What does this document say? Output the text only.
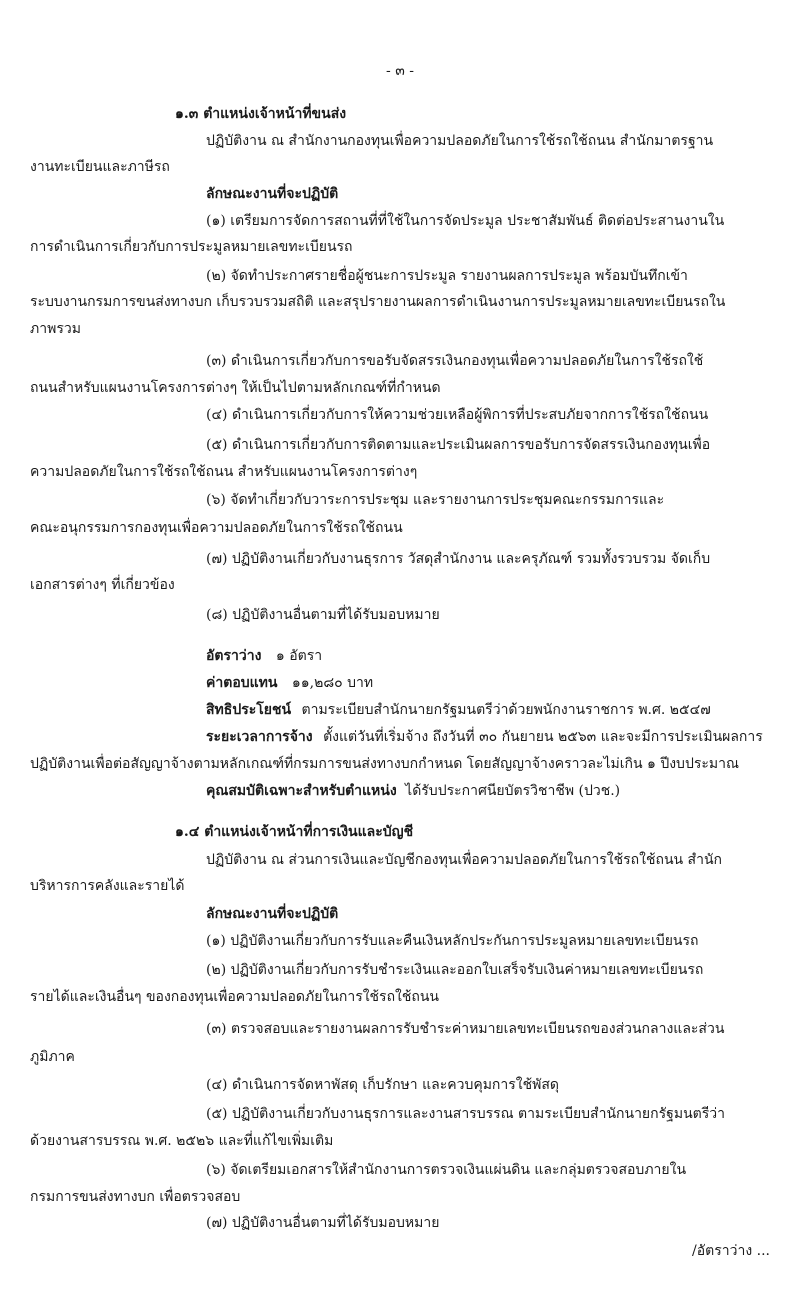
- ๓ -
๑.๓ ตำแหน่งเจ้าหน้าที่ขนส่ง
ปฏิบัติงาน ณ สำนักงานกองทุนเพื่อความปลอดภัยในการใช้รถใช้ถนน สำนักมาตรฐาน
งานทะเบียนและภาษีรถ
ลักษณะงานที่จะปฏิบัติ
(๑) เตรียมการจัดการสถานที่ที่ใช้ในการจัดประมูล ประชาสัมพันธ์ ติดต่อประสานงานใน
การดำเนินการเกี่ยวกับการประมูลหมายเลขทะเบียนรถ
(๒) จัดทำประกาศรายชื่อผู้ชนะการประมูล รายงานผลการประมูล พร้อมบันทึกเข้า
ระบบงานกรมการขนส่งทางบก เก็บรวบรวมสถิติ และสรุปรายงานผลการดำเนินงานการประมูลหมายเลขทะเบียนรถใน
ภาพรวม
(๓) ดำเนินการเกี่ยวกับการขอรับจัดสรรเงินกองทุนเพื่อความปลอดภัยในการใช้รถใช้
ถนนสำหรับแผนงานโครงการต่างๆ ให้เป็นไปตามหลักเกณฑ์ที่กำหนด
(๔) ดำเนินการเกี่ยวกับการให้ความช่วยเหลือผู้พิการที่ประสบภัยจากการใช้รถใช้ถนน
(๕) ดำเนินการเกี่ยวกับการติดตามและประเมินผลการขอรับการจัดสรรเงินกองทุนเพื่อ
ความปลอดภัยในการใช้รถใช้ถนน สำหรับแผนงานโครงการต่างๆ
(๖) จัดทำเกี่ยวกับวาระการประชุม และรายงานการประชุมคณะกรรมการและ
คณะอนุกรรมการกองทุนเพื่อความปลอดภัยในการใช้รถใช้ถนน
(๗) ปฏิบัติงานเกี่ยวกับงานธุรการ วัสดุสำนักงาน และครุภัณฑ์ รวมทั้งรวบรวม จัดเก็บ
เอกสารต่างๆ ที่เกี่ยวข้อง
(๘) ปฏิบัติงานอื่นตามที่ได้รับมอบหมาย
อัตราว่าง ๑ อัตรา
ค่าตอบแทน ๑๑,๒๘๐ บาท
สิทธิประโยชน์ ตามระเบียบสำนักนายกรัฐมนตรีว่าด้วยพนักงานราชการ พ.ศ. ๒๕๔๗
ระยะเวลาการจ้าง ตั้งแต่วันที่เริ่มจ้าง ถึงวันที่ ๓๐ กันยายน ๒๕๖๓ และจะมีการประเมินผลการ
ปฏิบัติงานเพื่อต่อสัญญาจ้างตามหลักเกณฑ์ที่กรมการขนส่งทางบกกำหนด โดยสัญญาจ้างคราวละไม่เกิน ๑ ปีงบประมาณ
คุณสมบัติเฉพาะสำหรับตำแหน่ง ได้รับประกาศนียบัตรวิชาชีพ (ปวช.)
๑.๔ ตำแหน่งเจ้าหน้าที่การเงินและบัญชี
ปฏิบัติงาน ณ ส่วนการเงินและบัญชีกองทุนเพื่อความปลอดภัยในการใช้รถใช้ถนน สำนัก
บริหารการคลังและรายได้
ลักษณะงานที่จะปฏิบัติ
(๑) ปฏิบัติงานเกี่ยวกับการรับและคืนเงินหลักประกันการประมูลหมายเลขทะเบียนรถ
(๒) ปฏิบัติงานเกี่ยวกับการรับชำระเงินและออกใบเสร็จรับเงินค่าหมายเลขทะเบียนรถ
รายได้และเงินอื่นๆ ของกองทุนเพื่อความปลอดภัยในการใช้รถใช้ถนน
(๓) ตรวจสอบและรายงานผลการรับชำระค่าหมายเลขทะเบียนรถของส่วนกลางและส่วน
ภูมิภาค
(๔) ดำเนินการจัดหาพัสดุ เก็บรักษา และควบคุมการใช้พัสดุ
(๕) ปฏิบัติงานเกี่ยวกับงานธุรการและงานสารบรรณ ตามระเบียบสำนักนายกรัฐมนตรีว่า
ด้วยงานสารบรรณ พ.ศ. ๒๕๒๖ และที่แก้ไขเพิ่มเติม
(๖) จัดเตรียมเอกสารให้สำนักงานการตรวจเงินแผ่นดิน และกลุ่มตรวจสอบภายใน
กรมการขนส่งทางบก เพื่อตรวจสอบ
(๗) ปฏิบัติงานอื่นตามที่ได้รับมอบหมาย
/อัตราว่าง ...
